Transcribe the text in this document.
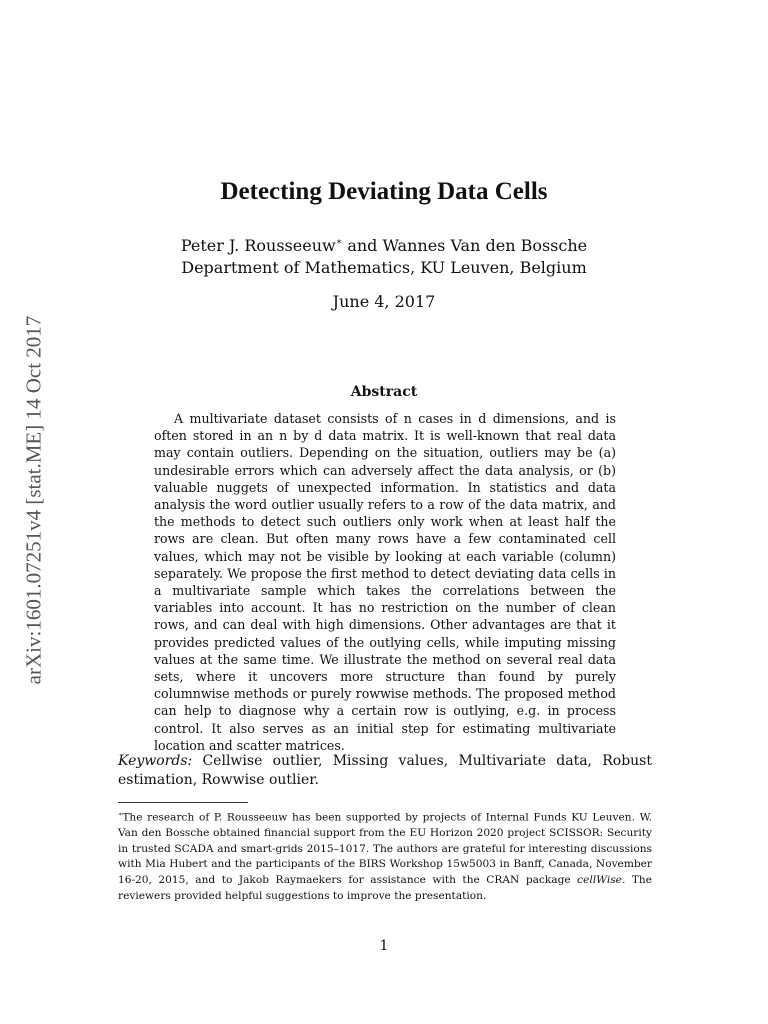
arXiv:1601.07251v4 [stat.ME] 14 Oct 2017
Detecting Deviating Data Cells
Peter J. Rousseeuw∗ and Wannes Van den Bossche
Department of Mathematics, KU Leuven, Belgium
June 4, 2017
Abstract

A multivariate dataset consists of n cases in d dimensions, and is often stored in an n by d data matrix. It is well-known that real data may contain outliers. Depending on the situation, outliers may be (a) undesirable errors which can adversely affect the data analysis, or (b) valuable nuggets of unexpected information. In statistics and data analysis the word outlier usually refers to a row of the data matrix, and the methods to detect such outliers only work when at least half the rows are clean. But often many rows have a few contaminated cell values, which may not be visible by looking at each variable (column) separately. We propose the first method to detect deviating data cells in a multivariate sample which takes the correlations between the variables into account. It has no restriction on the number of clean rows, and can deal with high dimensions. Other advantages are that it provides predicted values of the outlying cells, while imputing missing values at the same time. We illustrate the method on several real data sets, where it uncovers more structure than found by purely columnwise methods or purely rowwise methods. The proposed method can help to diagnose why a certain row is outlying, e.g. in process control. It also serves as an initial step for estimating multivariate location and scatter matrices.

Keywords: Cellwise outlier, Missing values, Multivariate data, Robust estimation, Rowwise outlier.

∗The research of P. Rousseeuw has been supported by projects of Internal Funds KU Leuven. W. Van den Bossche obtained financial support from the EU Horizon 2020 project SCISSOR: Security in trusted SCADA and smart-grids 2015–1017. The authors are grateful for interesting discussions with Mia Hubert and the participants of the BIRS Workshop 15w5003 in Banff, Canada, November 16-20, 2015, and to Jakob Raymaekers for assistance with the CRAN package cellWise. The reviewers provided helpful suggestions to improve the presentation.

1
